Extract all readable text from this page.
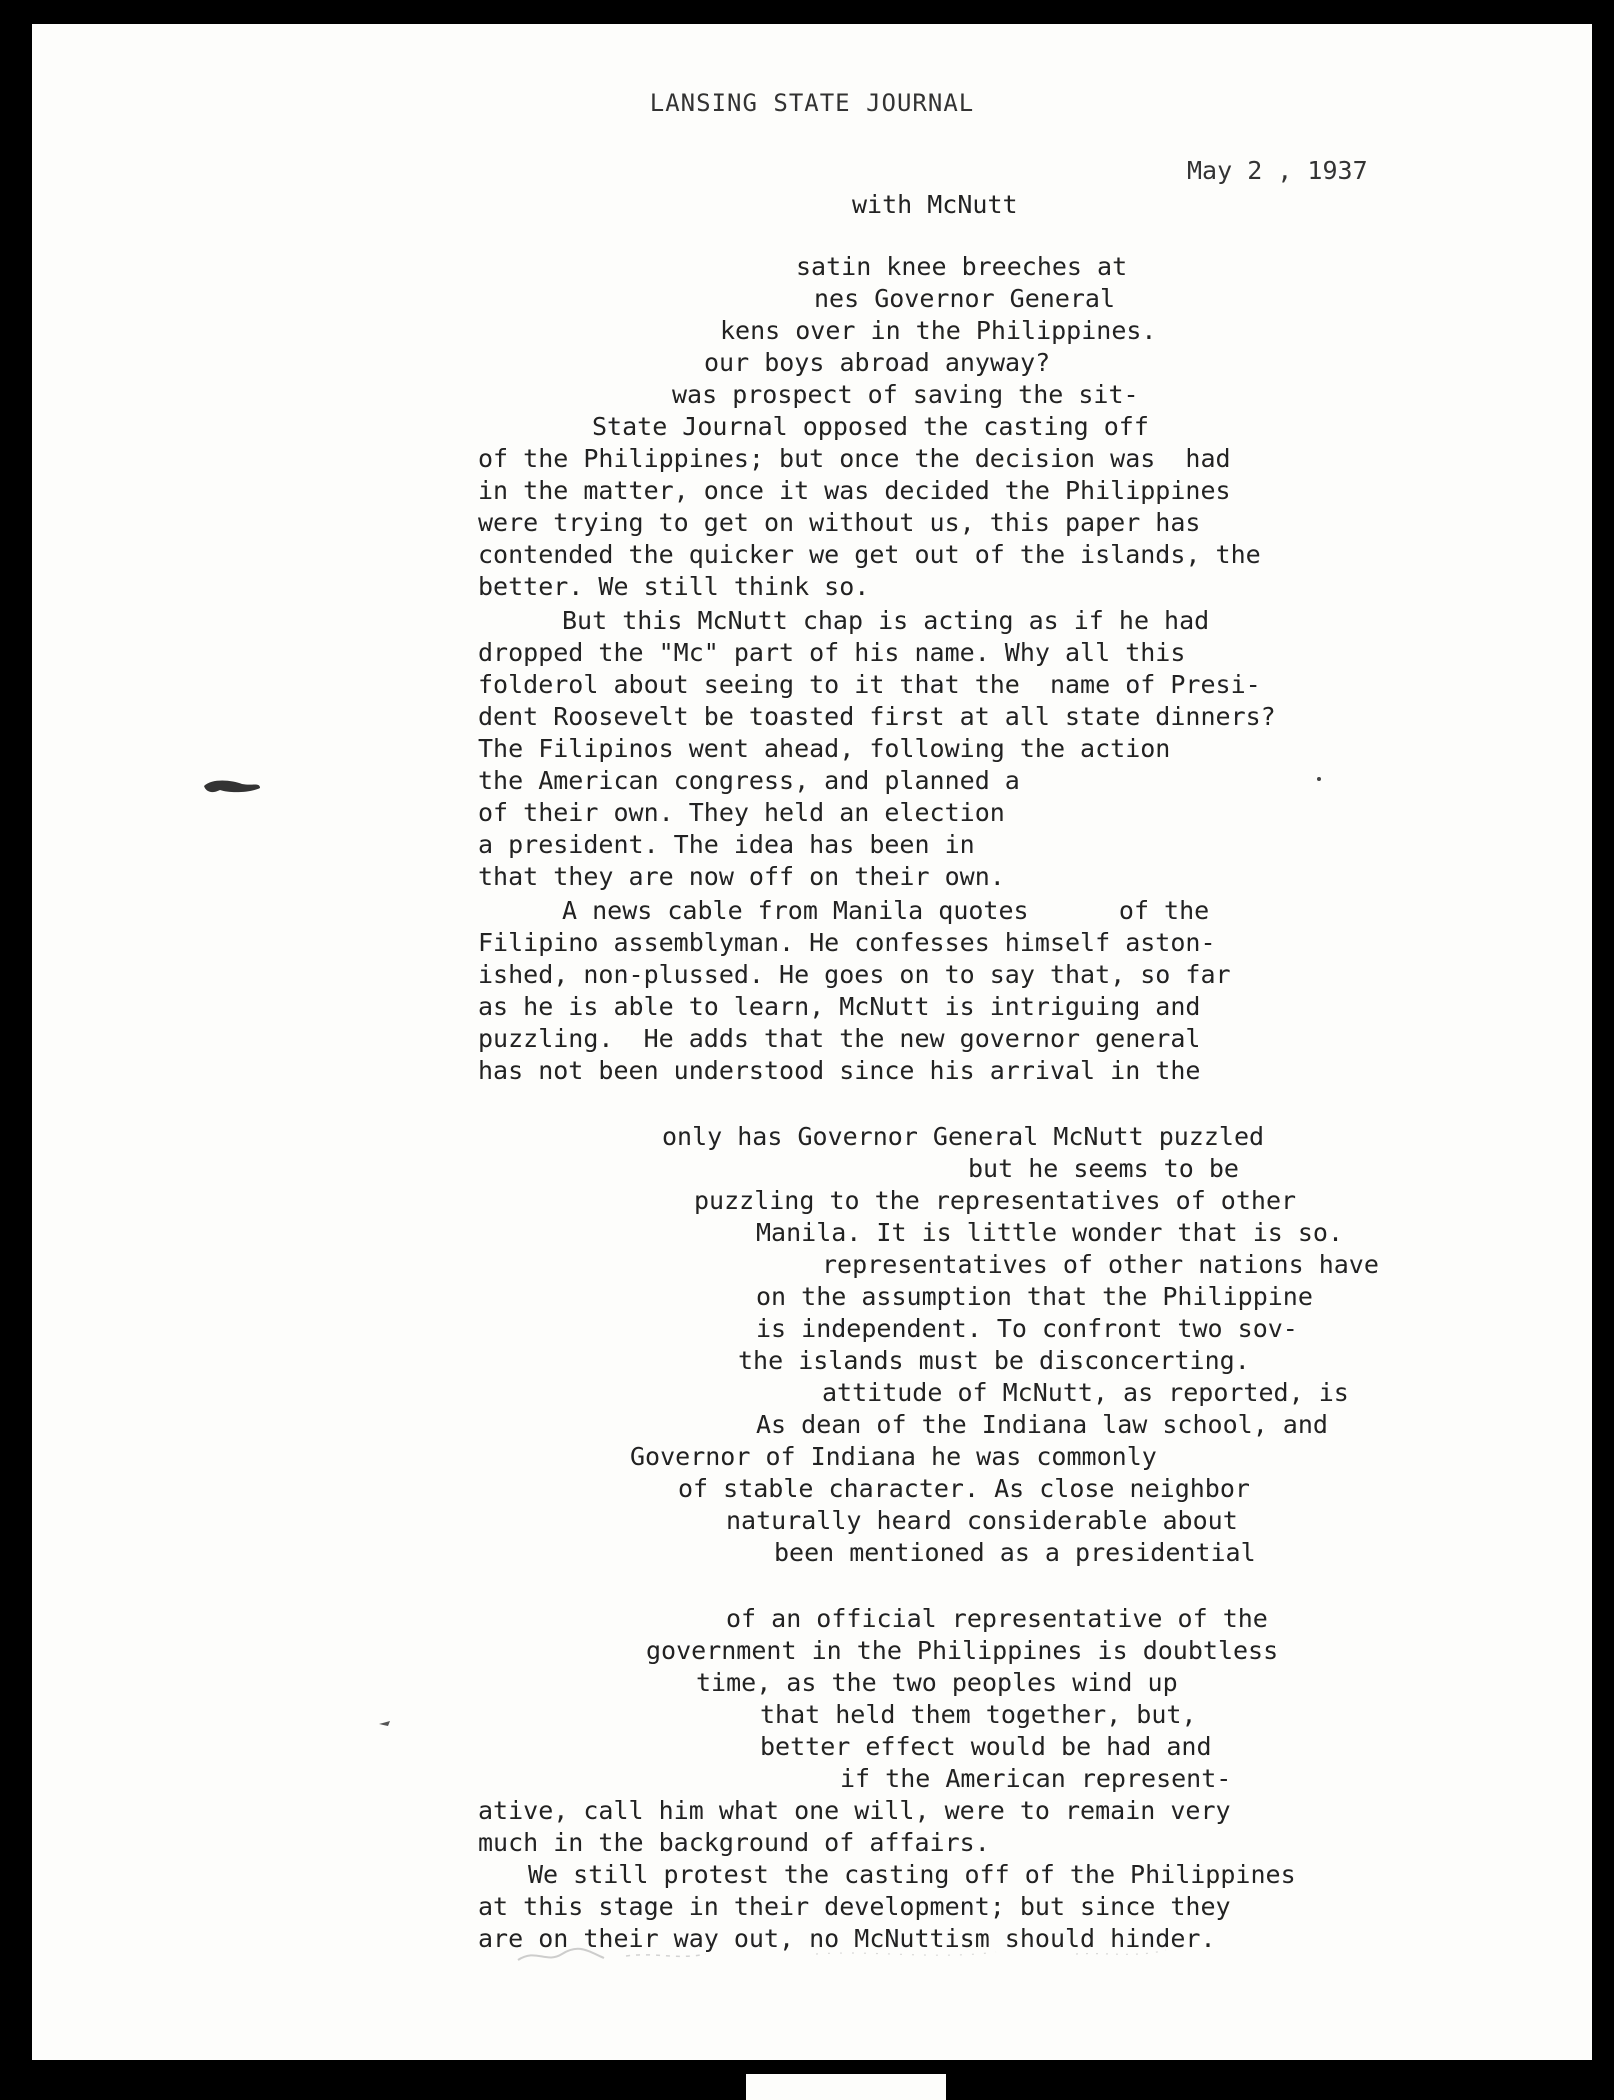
LANSING STATE JOURNAL
May 2 , 1937
with McNutt
satin knee breeches at
nes Governor General
kens over in the Philippines.
our boys abroad anyway?
was prospect of saving the sit-
State Journal opposed the casting off
of the Philippines; but once the decision was  had
in the matter, once it was decided the Philippines
were trying to get on without us, this paper has
contended the quicker we get out of the islands, the
better. We still think so.
But this McNutt chap is acting as if he had
dropped the "Mc" part of his name. Why all this
folderol about seeing to it that the  name of Presi-
dent Roosevelt be toasted first at all state dinners?
The Filipinos went ahead, following the action
the American congress, and planned a
of their own. They held an election
a president. The idea has been in
that they are now off on their own.
A news cable from Manila quotes      of the
Filipino assemblyman. He confesses himself aston-
ished, non-plussed. He goes on to say that, so far
as he is able to learn, McNutt is intriguing and
puzzling.  He adds that the new governor general
has not been understood since his arrival in the
only has Governor General McNutt puzzled
but he seems to be
puzzling to the representatives of other
Manila. It is little wonder that is so.
representatives of other nations have
on the assumption that the Philippine
is independent. To confront two sov-
the islands must be disconcerting.
attitude of McNutt, as reported, is
As dean of the Indiana law school, and
Governor of Indiana he was commonly
of stable character. As close neighbor
naturally heard considerable about
been mentioned as a presidential
of an official representative of the
government in the Philippines is doubtless
time, as the two peoples wind up
that held them together, but,
better effect would be had and
if the American represent-
ative, call him what one will, were to remain very
much in the background of affairs.
We still protest the casting off of the Philippines
at this stage in their development; but since they
are on their way out, no McNuttism should hinder.
